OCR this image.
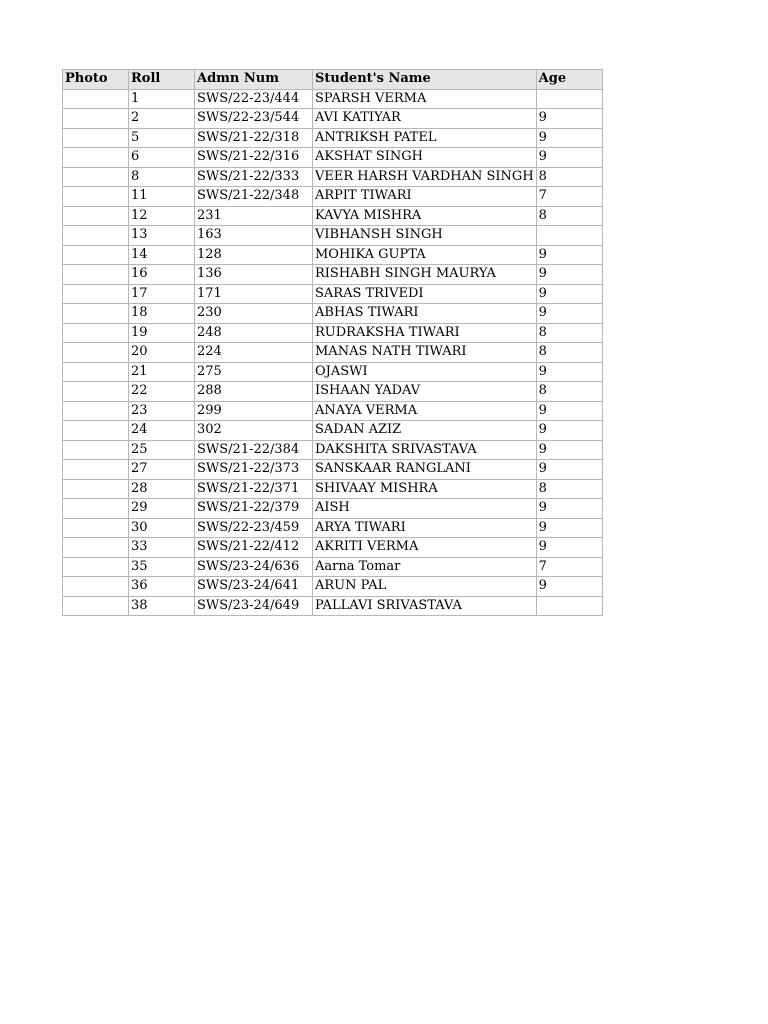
Photo	Roll	Admn Num	Student's Name	Age
	1	SWS/22-23/444	SPARSH VERMA	
	2	SWS/22-23/544	AVI KATIYAR	9
	5	SWS/21-22/318	ANTRIKSH PATEL	9
	6	SWS/21-22/316	AKSHAT SINGH	9
	8	SWS/21-22/333	VEER HARSH VARDHAN SINGH	8
	11	SWS/21-22/348	ARPIT TIWARI	7
	12	231	KAVYA MISHRA	8
	13	163	VIBHANSH SINGH	
	14	128	MOHIKA GUPTA	9
	16	136	RISHABH SINGH MAURYA	9
	17	171	SARAS TRIVEDI	9
	18	230	ABHAS TIWARI	9
	19	248	RUDRAKSHA TIWARI	8
	20	224	MANAS NATH TIWARI	8
	21	275	OJASWI	9
	22	288	ISHAAN YADAV	8
	23	299	ANAYA VERMA	9
	24	302	SADAN AZIZ	9
	25	SWS/21-22/384	DAKSHITA SRIVASTAVA	9
	27	SWS/21-22/373	SANSKAAR RANGLANI	9
	28	SWS/21-22/371	SHIVAAY MISHRA	8
	29	SWS/21-22/379	AISH	9
	30	SWS/22-23/459	ARYA TIWARI	9
	33	SWS/21-22/412	AKRITI VERMA	9
	35	SWS/23-24/636	Aarna Tomar	7
	36	SWS/23-24/641	ARUN PAL	9
	38	SWS/23-24/649	PALLAVI SRIVASTAVA	
